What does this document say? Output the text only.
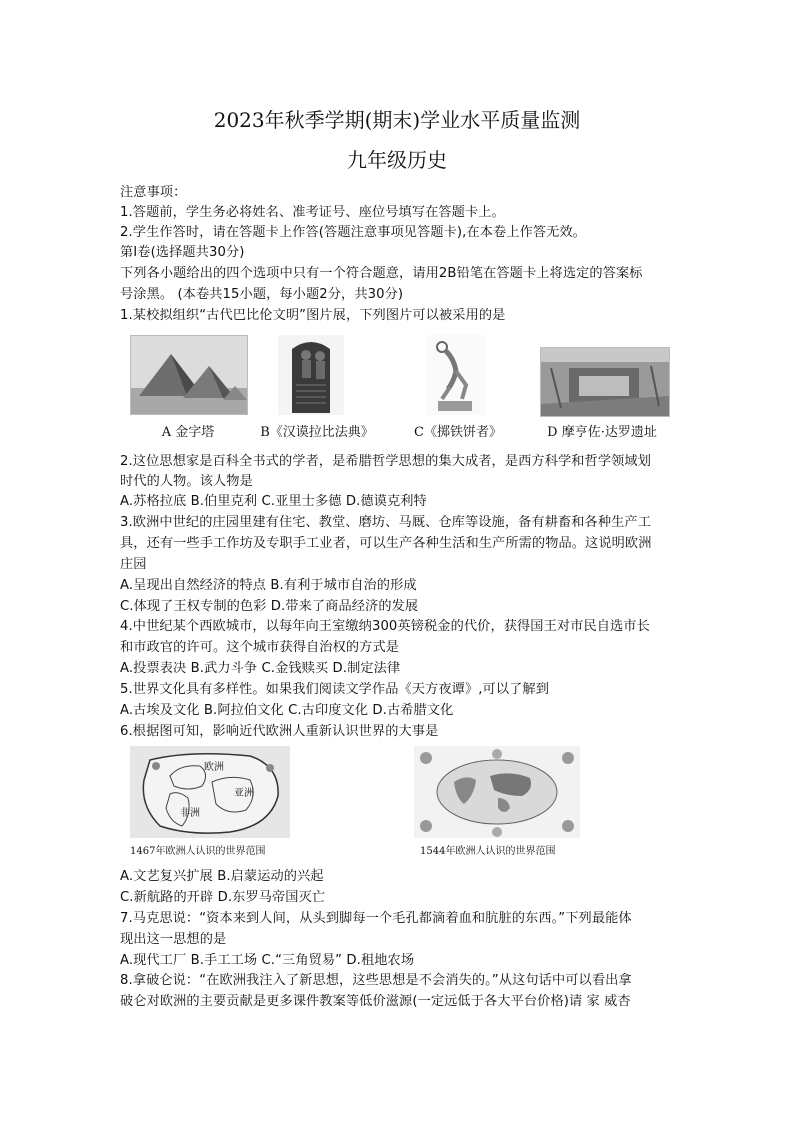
2023年秋季学期(期末)学业水平质量监测
九年级历史
注意事项：
1.答题前，学生务必将姓名、准考证号、座位号填写在答题卡上。
2.学生作答时，请在答题卡上作答(答题注意事项见答题卡),在本卷上作答无效。
第Ⅰ卷(选择题共30分)
下列各小题给出的四个选项中只有一个符合题意，请用2B铅笔在答题卡上将选定的答案标
号涂黑。 (本卷共15小题，每小题2分，共30分)
1.某校拟组织“古代巴比伦文明”图片展，下列图片可以被采用的是
A 金字塔	B《汉谟拉比法典》	C《掷铁饼者》	D 摩亨佐·达罗遗址
2.这位思想家是百科全书式的学者，是希腊哲学思想的集大成者，是西方科学和哲学领域划
时代的人物。该人物是
A.苏格拉底 B.伯里克利 C.亚里士多德 D.德谟克利特
3.欧洲中世纪的庄园里建有住宅、教堂、磨坊、马厩、仓库等设施，备有耕畜和各种生产工
具，还有一些手工作坊及专职手工业者，可以生产各种生活和生产所需的物品。这说明欧洲
庄园
A.呈现出自然经济的特点 B.有利于城市自治的形成
C.体现了王权专制的色彩 D.带来了商品经济的发展
4.中世纪某个西欧城市，以每年向王室缴纳300英镑税金的代价，获得国王对市民自选市长
和市政官的许可。这个城市获得自治权的方式是
A.投票表决 B.武力斗争 C.金钱赎买 D.制定法律
5.世界文化具有多样性。如果我们阅读文学作品《天方夜谭》,可以了解到
A.古埃及文化 B.阿拉伯文化 C.古印度文化 D.古希腊文化
6.根据图可知，影响近代欧洲人重新认识世界的大事是
欧洲
亚洲
非洲
1467年欧洲人认识的世界范围	1544年欧洲人认识的世界范围
A.文艺复兴扩展 B.启蒙运动的兴起
C.新航路的开辟 D.东罗马帝国灭亡
7.马克思说：“资本来到人间，从头到脚每一个毛孔都滴着血和肮脏的东西。”下列最能体
现出这一思想的是
A.现代工厂 B.手工工场 C.“三角贸易” D.租地农场
8.拿破仑说：“在欧洲我注入了新思想，这些思想是不会消失的。”从这句话中可以看出拿
破仑对欧洲的主要贡献是更多课件教案等低价滋源(一定远低于各大平台价格)请 家 威杏
